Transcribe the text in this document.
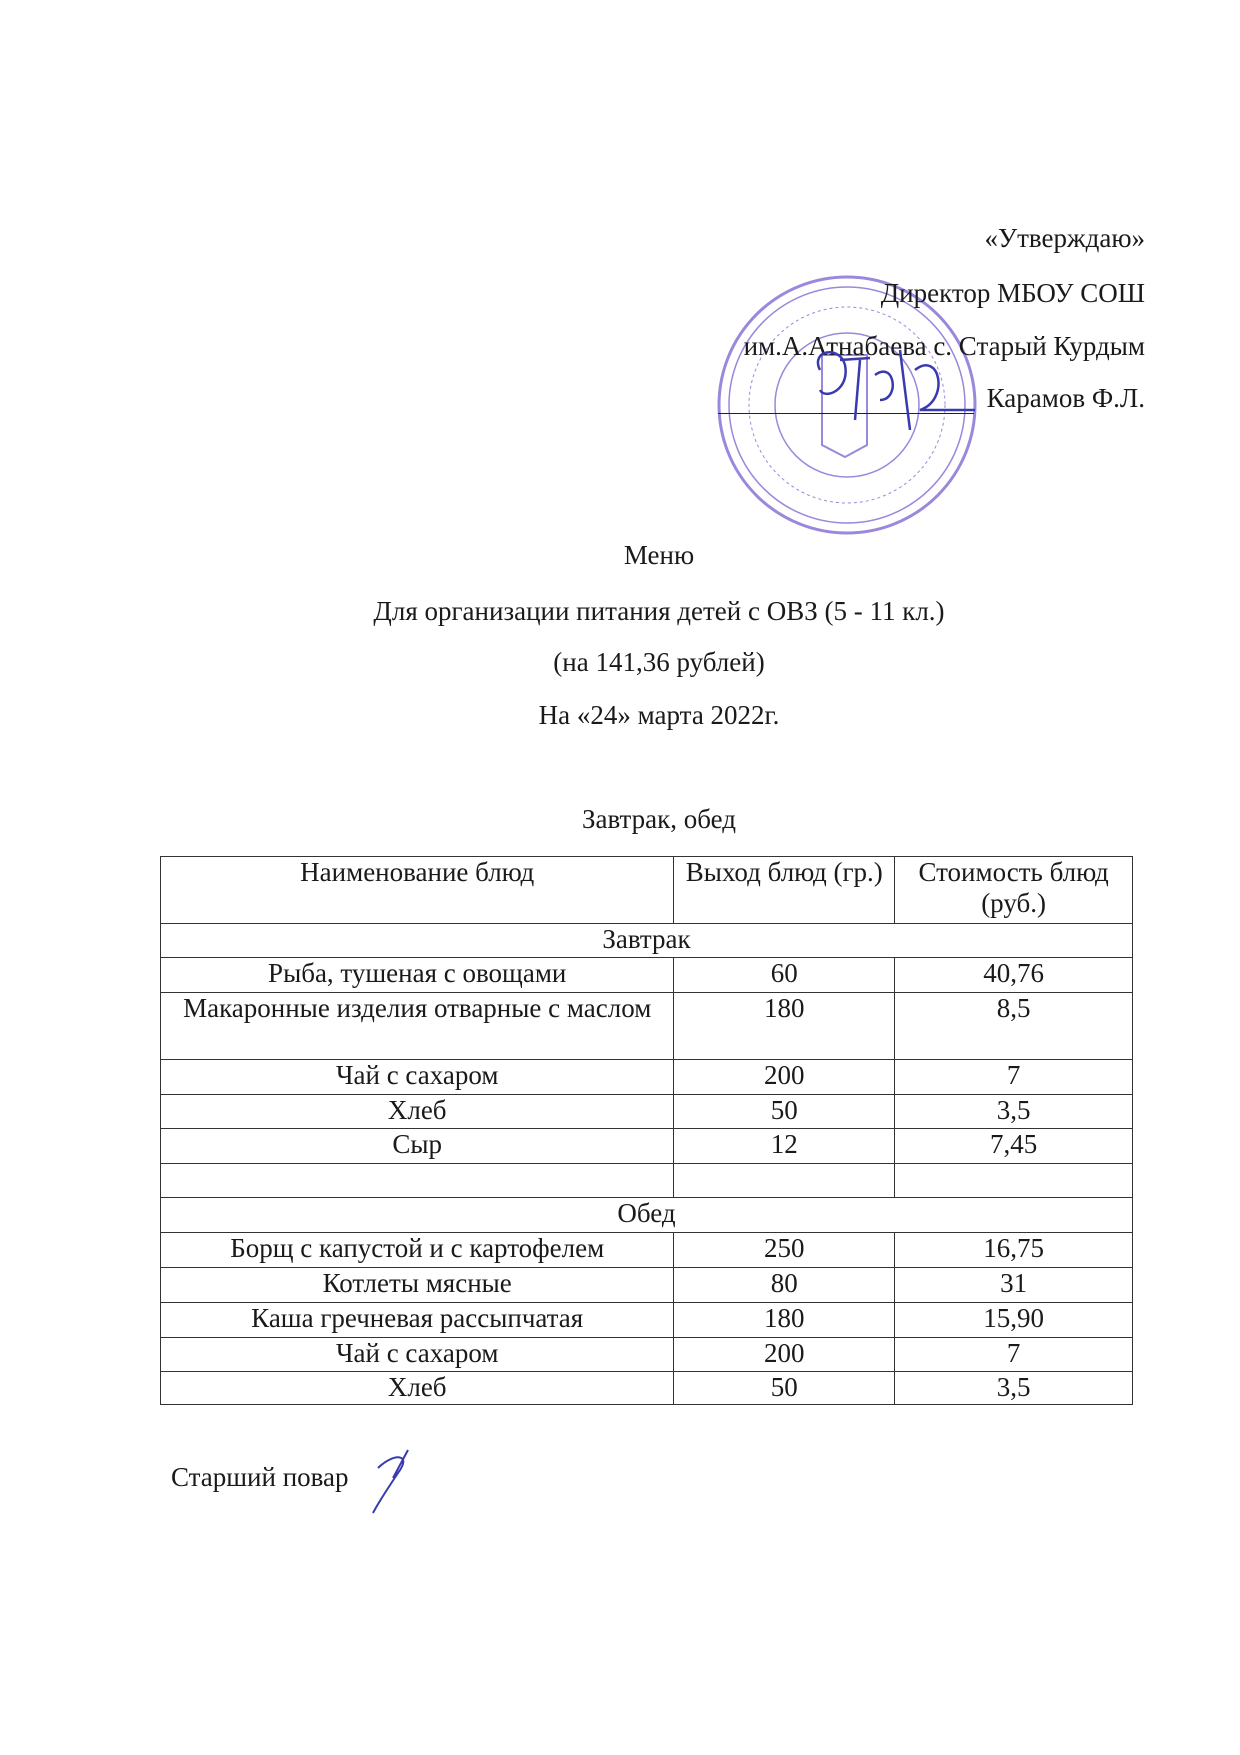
«Утверждаю»
Директор МБОУ СОШ
им.А.Атнабаева с. Старый Курдым
Карамов Ф.Л.
Меню
Для организации питания детей с ОВЗ (5 - 11 кл.)
(на 141,36 рублей)
На «24» марта 2022г.
Завтрак, обед
Наименование блюд	Выход блюд (гр.)	Стоимость блюд (руб.)
Завтрак		
Рыба, тушеная с овощами	60	40,76
Макаронные изделия отварные с маслом	180	8,5
Чай с сахаром	200	7
Хлеб	50	3,5
Сыр	12	7,45

Обед		
Борщ с капустой и с картофелем	250	16,75
Котлеты мясные	80	31
Каша гречневая рассыпчатая	180	15,90
Чай с сахаром	200	7
Хлеб	50	3,5
Старший повар
